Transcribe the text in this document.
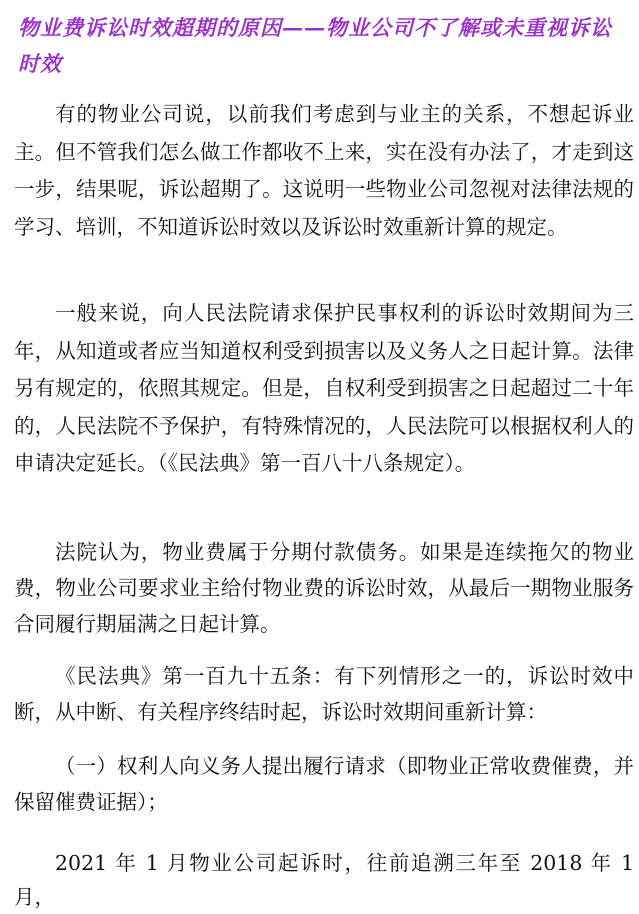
物业费诉讼时效超期的原因——物业公司不了解或未重视诉讼时效

有的物业公司说，以前我们考虑到与业主的关系，不想起诉业主。但不管我们怎么做工作都收不上来，实在没有办法了，才走到这一步，结果呢，诉讼超期了。这说明一些物业公司忽视对法律法规的学习、培训，不知道诉讼时效以及诉讼时效重新计算的规定。

一般来说，向人民法院请求保护民事权利的诉讼时效期间为三年，从知道或者应当知道权利受到损害以及义务人之日起计算。法律另有规定的，依照其规定。但是，自权利受到损害之日起超过二十年的，人民法院不予保护，有特殊情况的，人民法院可以根据权利人的申请决定延长。（《民法典》第一百八十八条规定）。

法院认为，物业费属于分期付款债务。如果是连续拖欠的物业费，物业公司要求业主给付物业费的诉讼时效，从最后一期物业服务合同履行期届满之日起计算。

《民法典》第一百九十五条：有下列情形之一的，诉讼时效中断，从中断、有关程序终结时起，诉讼时效期间重新计算：

（一）权利人向义务人提出履行请求（即物业正常收费催费，并保留催费证据）；

2021 年 1 月物业公司起诉时，往前追溯三年至 2018 年 1 月，
